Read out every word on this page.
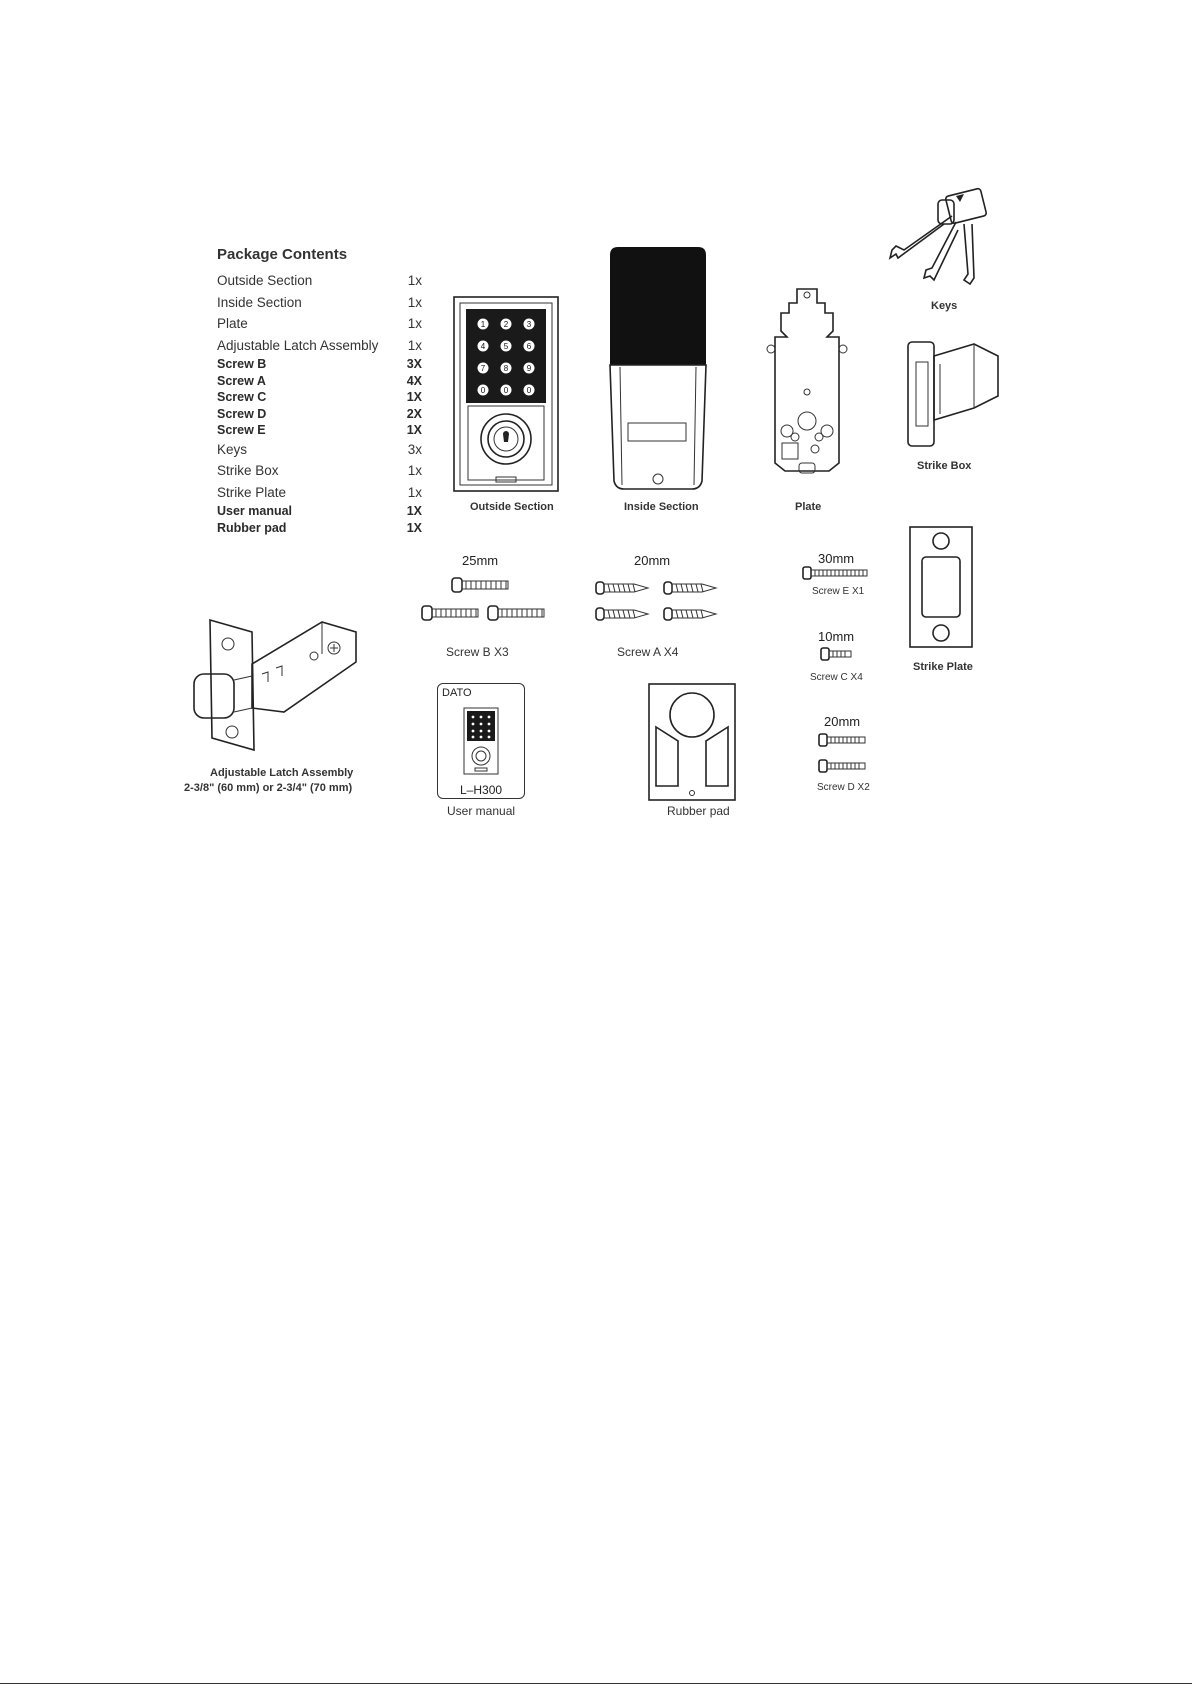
Package Contents
Outside Section	1x
Inside Section	1x
Plate	1x
Adjustable Latch Assembly 1x
Screw B	3X
Screw A	4X
Screw C	1X
Screw D	2X
Screw E	1X
Keys	3x
Strike Box	1x
Strike Plate	1x
User manual	1X
Rubber pad	1X
1 2 3
4 5 6
7 8 9
0 0 0
Outside Section	Inside Section	Plate
Keys
Strike Box
Strike Plate
Adjustable Latch Assembly
2-3/8" (60 mm) or 2-3/4" (70 mm)
25mm
Screw B X3
20mm
Screw A X4
30mm
Screw E X1
10mm
Screw C X4
20mm
Screw D X2
DATO
L–H300
User manual	Rubber pad
